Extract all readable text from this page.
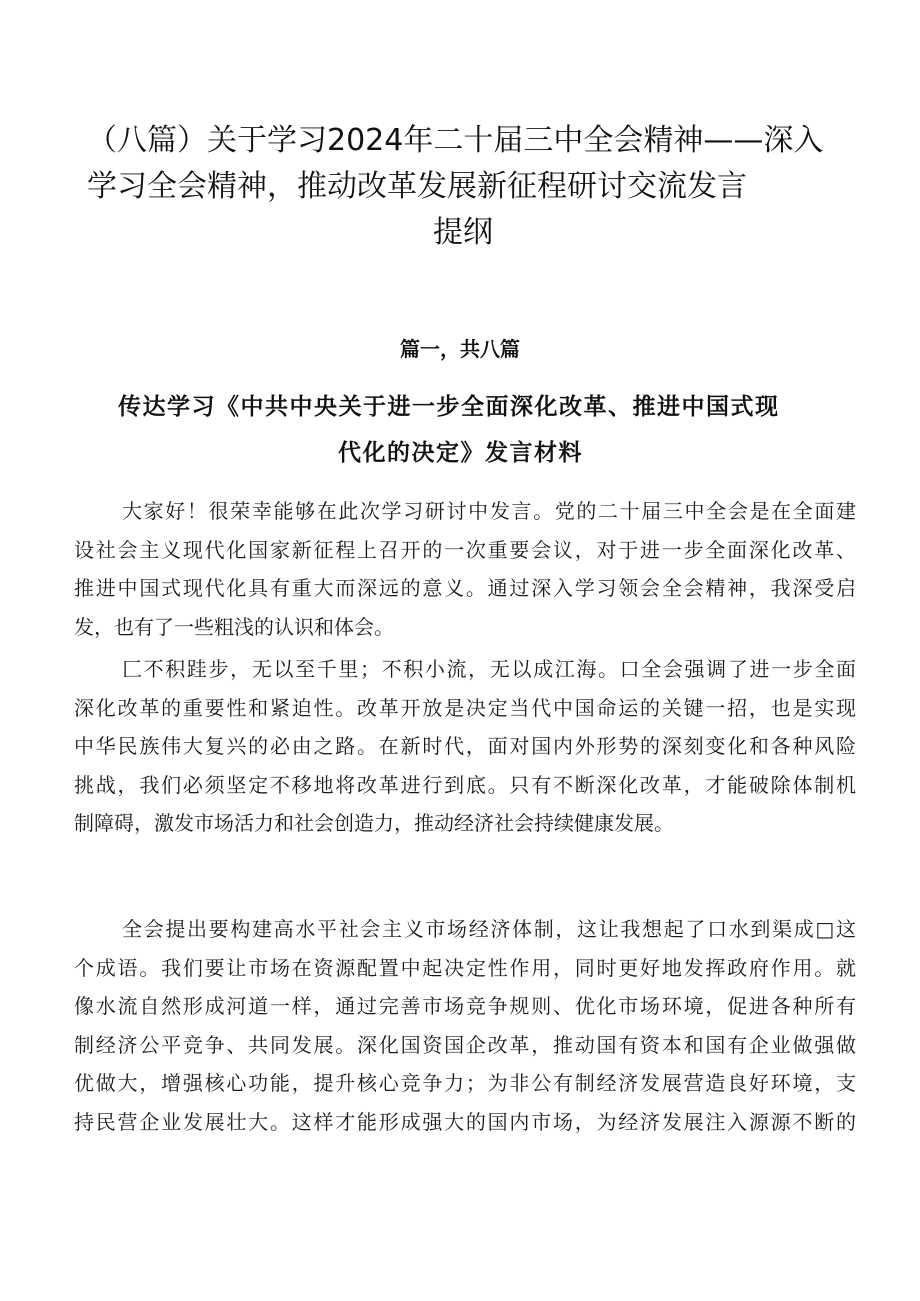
（八篇）关于学习2024年二十届三中全会精神——深入
学习全会精神，推动改革发展新征程研讨交流发言
提纲
篇一，共八篇
传达学习《中共中央关于进一步全面深化改革、推进中国式现
代化的决定》发言材料
大家好！很荣幸能够在此次学习研讨中发言。党的二十届三中全会是在全面建
设社会主义现代化国家新征程上召开的一次重要会议，对于进一步全面深化改革、
推进中国式现代化具有重大而深远的意义。通过深入学习领会全会精神，我深受启
发，也有了一些粗浅的认识和体会。
匚不积跬步，无以至千里；不积小流，无以成江海。口全会强调了进一步全面
深化改革的重要性和紧迫性。改革开放是决定当代中国命运的关键一招，也是实现
中华民族伟大复兴的必由之路。在新时代，面对国内外形势的深刻变化和各种风险
挑战，我们必须坚定不移地将改革进行到底。只有不断深化改革，才能破除体制机
制障碍，激发市场活力和社会创造力，推动经济社会持续健康发展。
全会提出要构建高水平社会主义市场经济体制，这让我想起了口水到渠成□这
个成语。我们要让市场在资源配置中起决定性作用，同时更好地发挥政府作用。就
像水流自然形成河道一样，通过完善市场竞争规则、优化市场环境，促进各种所有
制经济公平竞争、共同发展。深化国资国企改革，推动国有资本和国有企业做强做
优做大，增强核心功能，提升核心竞争力；为非公有制经济发展营造良好环境，支
持民营企业发展壮大。这样才能形成强大的国内市场，为经济发展注入源源不断的
